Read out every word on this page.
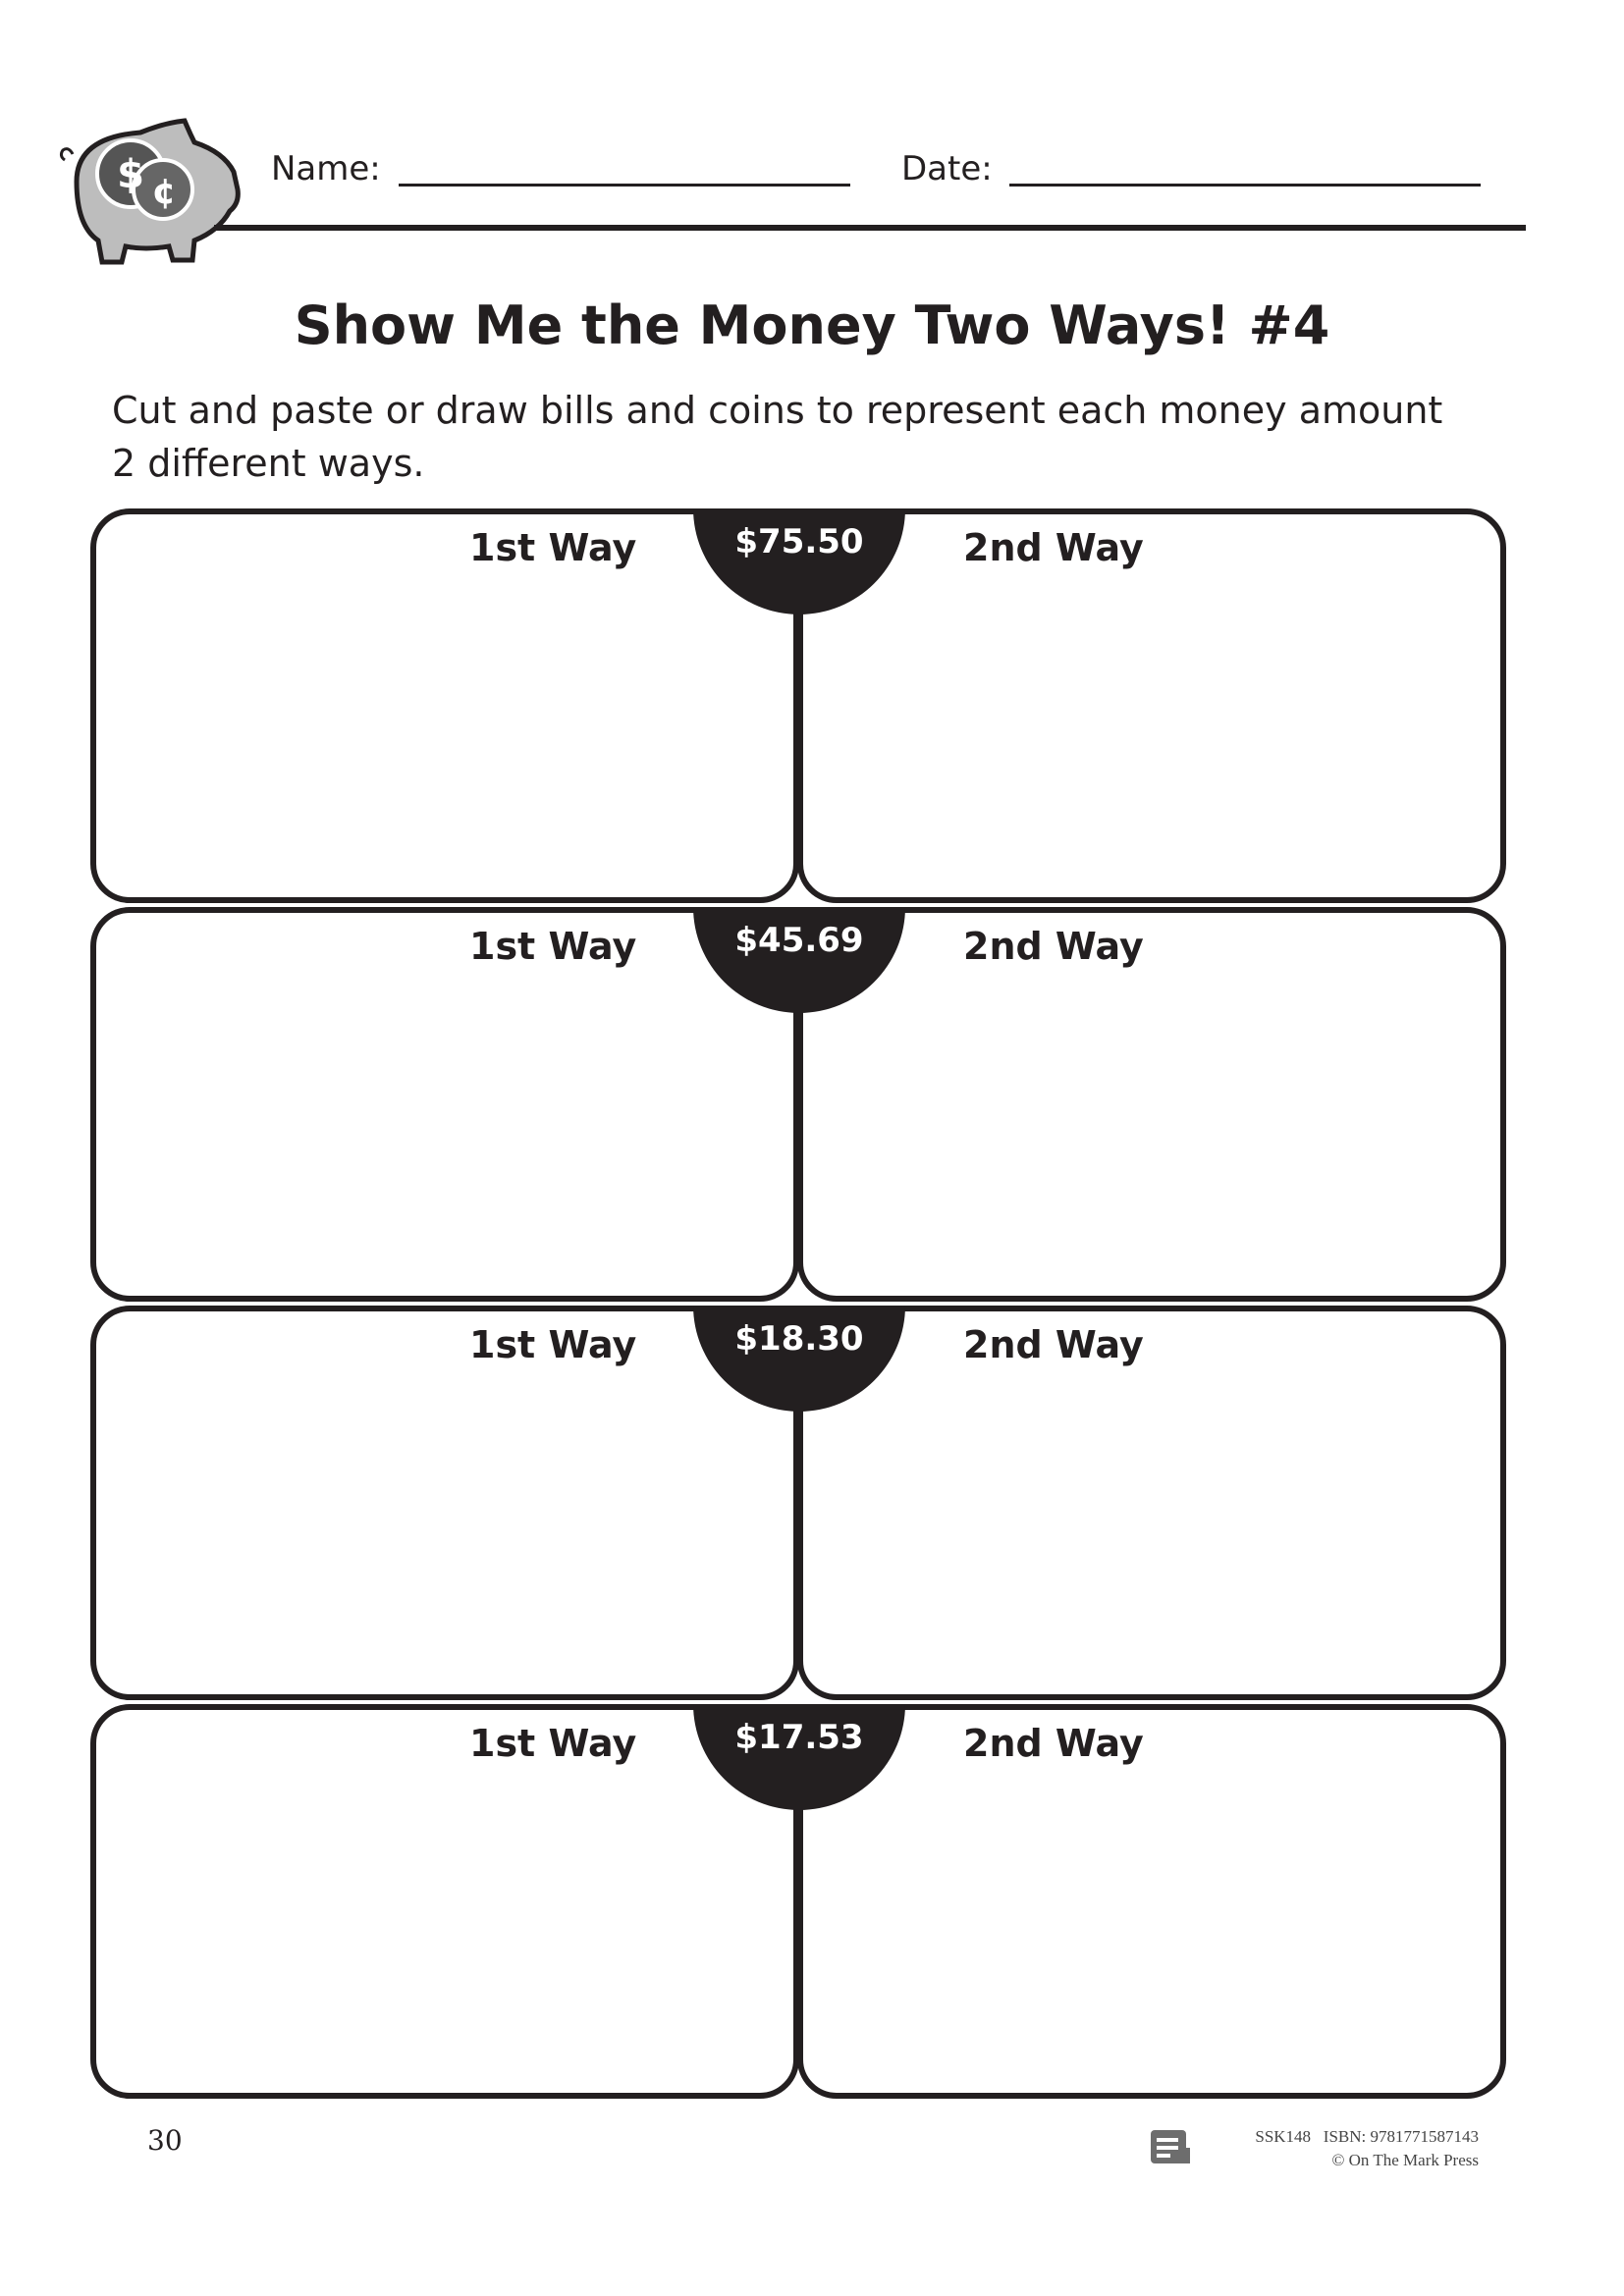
$ ¢
Name:	Date:
Show Me the Money Two Ways! #4
Cut and paste or draw bills and coins to represent each money amount 2 different ways.
1st Way	2nd Way
$75.50
1st Way	2nd Way
$45.69
1st Way	2nd Way
$18.30
1st Way	2nd Way
$17.53
30	SSK148   ISBN: 9781771587143
© On The Mark Press
